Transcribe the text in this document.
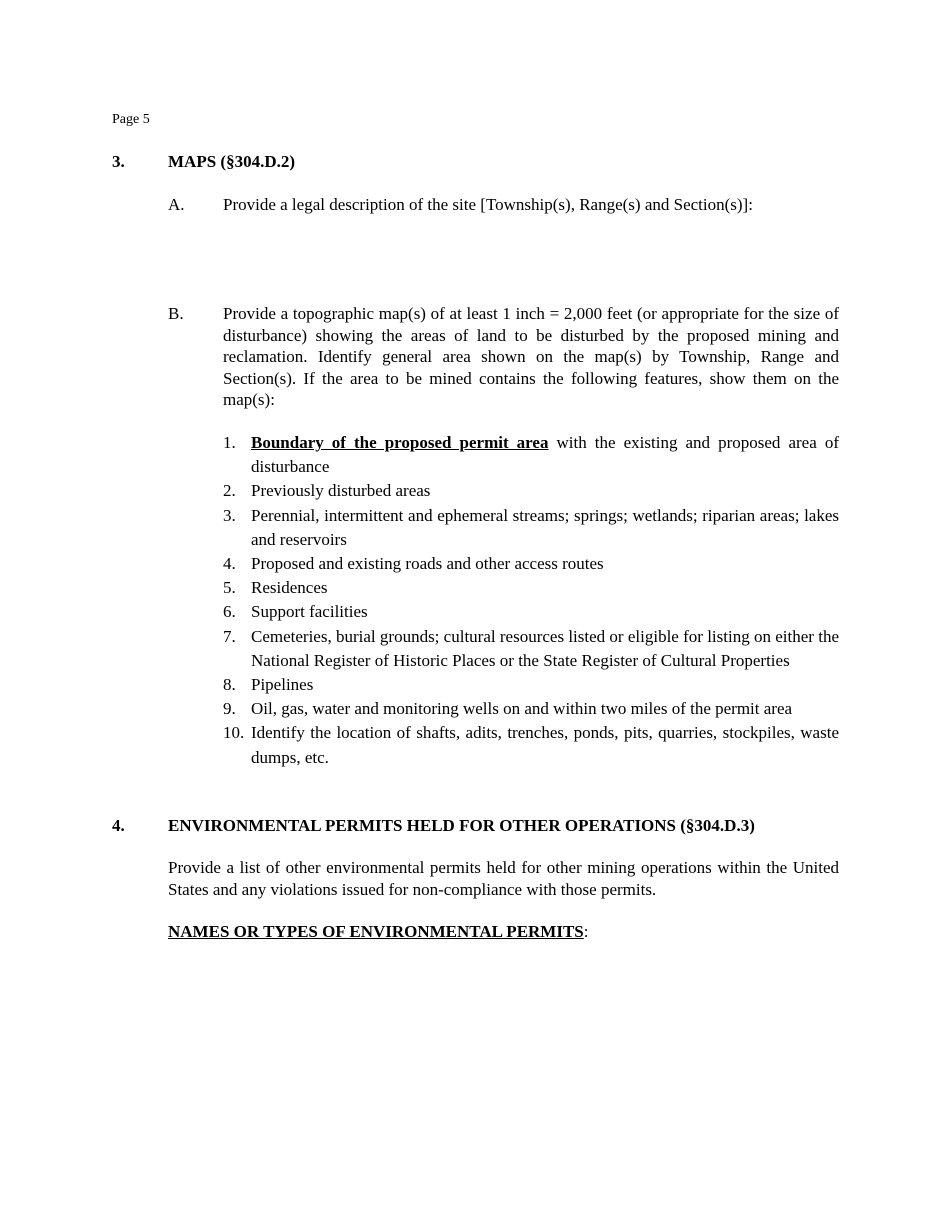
Page 5
3.	MAPS (§304.D.2)
A. Provide a legal description of the site [Township(s), Range(s) and Section(s)]:
B. Provide a topographic map(s) of at least 1 inch = 2,000 feet (or appropriate for the size of disturbance) showing the areas of land to be disturbed by the proposed mining and reclamation. Identify general area shown on the map(s) by Township, Range and Section(s). If the area to be mined contains the following features, show them on the map(s):
1. Boundary of the proposed permit area with the existing and proposed area of disturbance
2. Previously disturbed areas
3. Perennial, intermittent and ephemeral streams; springs; wetlands; riparian areas; lakes and reservoirs
4. Proposed and existing roads and other access routes
5. Residences
6. Support facilities
7. Cemeteries, burial grounds; cultural resources listed or eligible for listing on either the National Register of Historic Places or the State Register of Cultural Properties
8. Pipelines
9. Oil, gas, water and monitoring wells on and within two miles of the permit area
10. Identify the location of shafts, adits, trenches, ponds, pits, quarries, stockpiles, waste dumps, etc.
4.	ENVIRONMENTAL PERMITS HELD FOR OTHER OPERATIONS (§304.D.3)
Provide a list of other environmental permits held for other mining operations within the United States and any violations issued for non-compliance with those permits.
NAMES OR TYPES OF ENVIRONMENTAL PERMITS:
